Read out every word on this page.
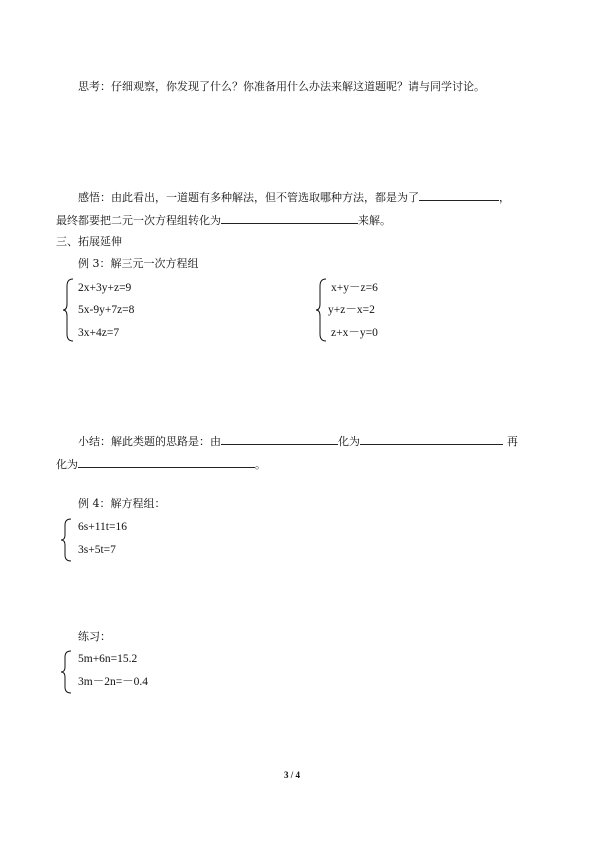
思考：仔细观察，你发现了什么？你准备用什么办法来解这道题呢？请与同学讨论。
感悟：由此看出，一道题有多种解法，但不管选取哪种方法，都是为了	，
最终都要把二元一次方程组转化为	来解。
三、拓展延伸
例 3：解三元一次方程组
2x+3y+z=9
5x-9y+7z=8
3x+4z=7
x+y－z=6
y+z－x=2
z+x－y=0
小结：解此类题的思路是：由	化为	再
化为	。
例 4：解方程组：
6s+11t=16
3s+5t=7
练习：
5m+6n=15.2
3m－2n=－0.4
3 / 4
